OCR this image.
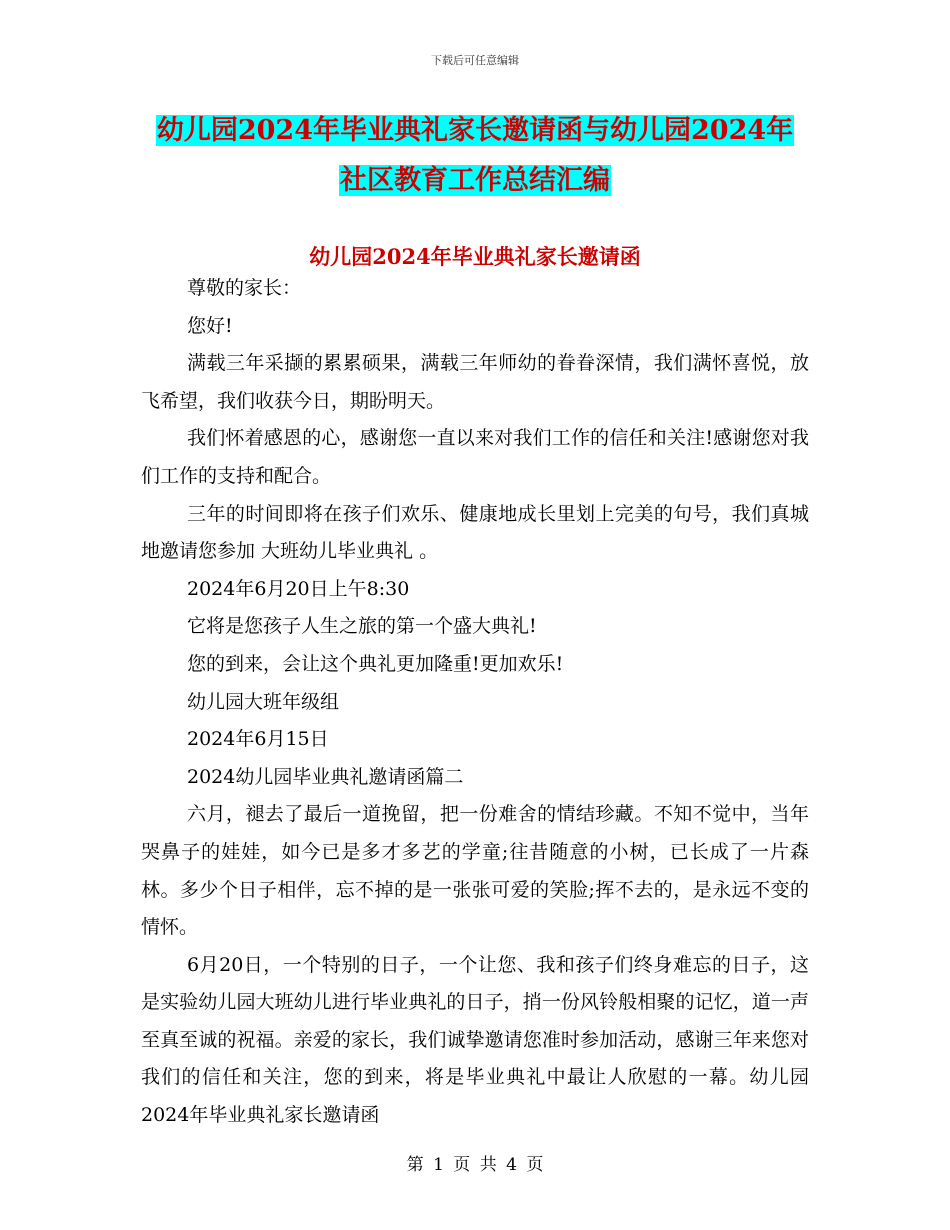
下载后可任意编辑
幼儿园2024年毕业典礼家长邀请函与幼儿园2024年
社区教育工作总结汇编
幼儿园2024年毕业典礼家长邀请函

尊敬的家长：

您好!

满载三年采撷的累累硕果，满载三年师幼的眷眷深情，我们满怀喜悦，放飞希望，我们收获今日，期盼明天。

我们怀着感恩的心，感谢您一直以来对我们工作的信任和关注!感谢您对我们工作的支持和配合。

三年的时间即将在孩子们欢乐、健康地成长里划上完美的句号，我们真城地邀请您参加 大班幼儿毕业典礼 。

2024年6月20日上午8:30

它将是您孩子人生之旅的第一个盛大典礼!

您的到来，会让这个典礼更加隆重!更加欢乐!

幼儿园大班年级组

2024年6月15日

2024幼儿园毕业典礼邀请函篇二

六月，褪去了最后一道挽留，把一份难舍的情结珍藏。不知不觉中，当年哭鼻子的娃娃，如今已是多才多艺的学童;往昔随意的小树，已长成了一片森林。多少个日子相伴，忘不掉的是一张张可爱的笑脸;挥不去的，是永远不变的情怀。

6月20日，一个特别的日子，一个让您、我和孩子们终身难忘的日子，这是实验幼儿园大班幼儿进行毕业典礼的日子，捎一份风铃般相聚的记忆，道一声至真至诚的祝福。亲爱的家长，我们诚挚邀请您准时参加活动，感谢三年来您对我们的信任和关注，您的到来，将是毕业典礼中最让人欣慰的一幕。幼儿园2024年毕业典礼家长邀请函

第 1 页 共 4 页
